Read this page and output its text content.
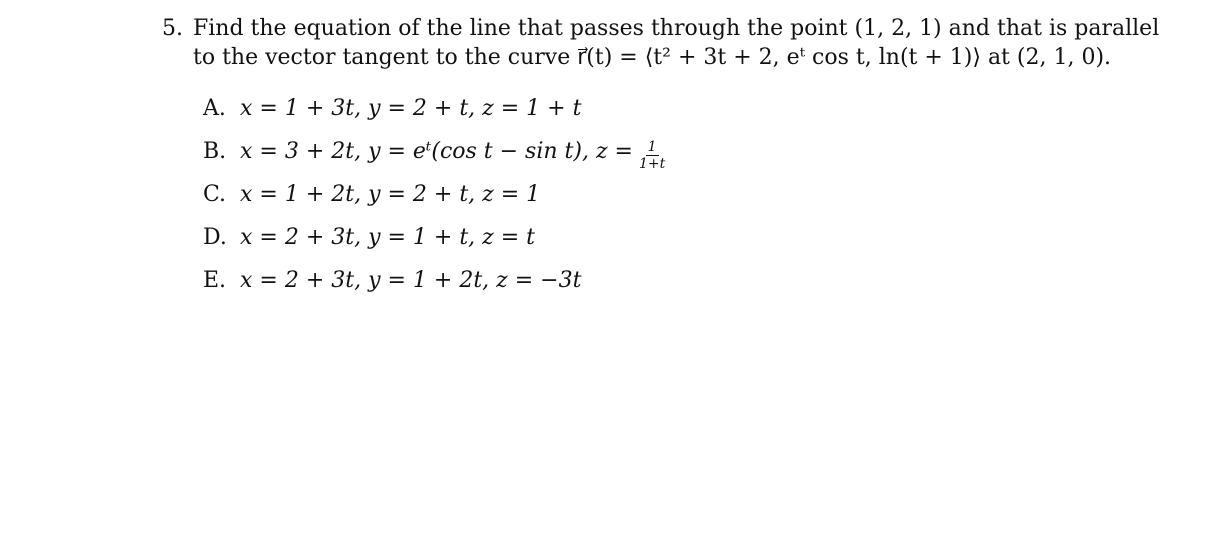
5. Find the equation of the line that passes through the point (1, 2, 1) and that is parallel
to the vector tangent to the curve r⃗(t) = ⟨t² + 3t + 2, eᵗ cos t, ln(t + 1)⟩ at (2, 1, 0).
A. x = 1 + 3t, y = 2 + t, z = 1 + t
B. x = 3 + 2t, y = eᵗ(cos t − sin t), $z = \frac{1}{1+t}$
C. x = 1 + 2t, y = 2 + t, z = 1
D. x = 2 + 3t, y = 1 + t, z = t
E. x = 2 + 3t, y = 1 + 2t, z = −3t
